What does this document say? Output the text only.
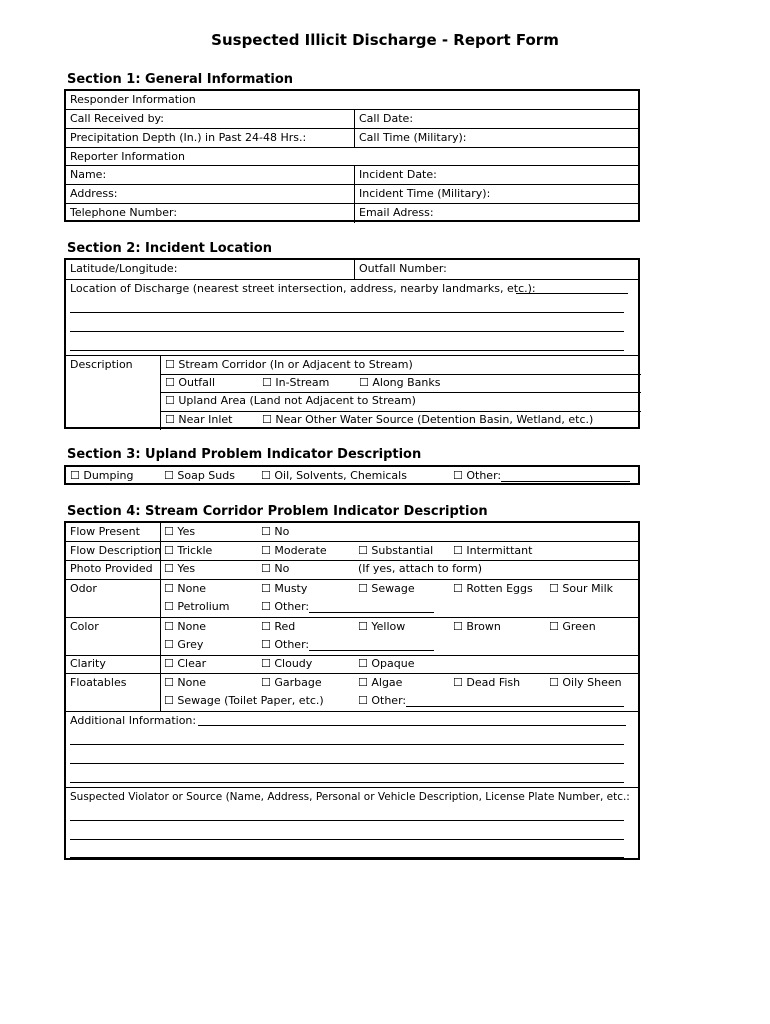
Suspected Illicit Discharge - Report Form
Section 1: General Information
Responder Information
Call Received by:	Call Date:
Precipitation Depth (In.) in Past 24-48 Hrs.:	Call Time (Military):
Reporter Information
Name:	Incident Date:
Address:	Incident Time (Military):
Telephone Number:	Email Adress:
Section 2: Incident Location
Latitude/Longitude:	Outfall Number:
Location of Discharge (nearest street intersection, address, nearby landmarks, etc.):
Description	☐ Stream Corridor (In or Adjacent to Stream)
☐ Outfall	☐ In-Stream	☐ Along Banks
☐ Upland Area (Land not Adjacent to Stream)
☐ Near Inlet	☐ Near Other Water Source (Detention Basin, Wetland, etc.)
Section 3: Upland Problem Indicator Description
☐ Dumping	☐ Soap Suds	☐ Oil, Solvents, Chemicals	☐ Other:
Section 4: Stream Corridor Problem Indicator Description
Flow Present	☐ Yes	☐ No
Flow Description	☐ Trickle	☐ Moderate	☐ Substantial	☐ Intermittant
Photo Provided	☐ Yes	☐ No	(If yes, attach to form)
Odor	☐ None	☐ Musty	☐ Sewage	☐ Rotten Eggs	☐ Sour Milk
☐ Petrolium	☐ Other:
Color	☐ None	☐ Red	☐ Yellow	☐ Brown	☐ Green
☐ Grey	☐ Other:
Clarity	☐ Clear	☐ Cloudy	☐ Opaque
Floatables	☐ None	☐ Garbage	☐ Algae	☐ Dead Fish	☐ Oily Sheen
☐ Sewage (Toilet Paper, etc.)	☐ Other:
Additional Information:
Suspected Violator or Source (Name, Address, Personal or Vehicle Description, License Plate Number, etc.:
